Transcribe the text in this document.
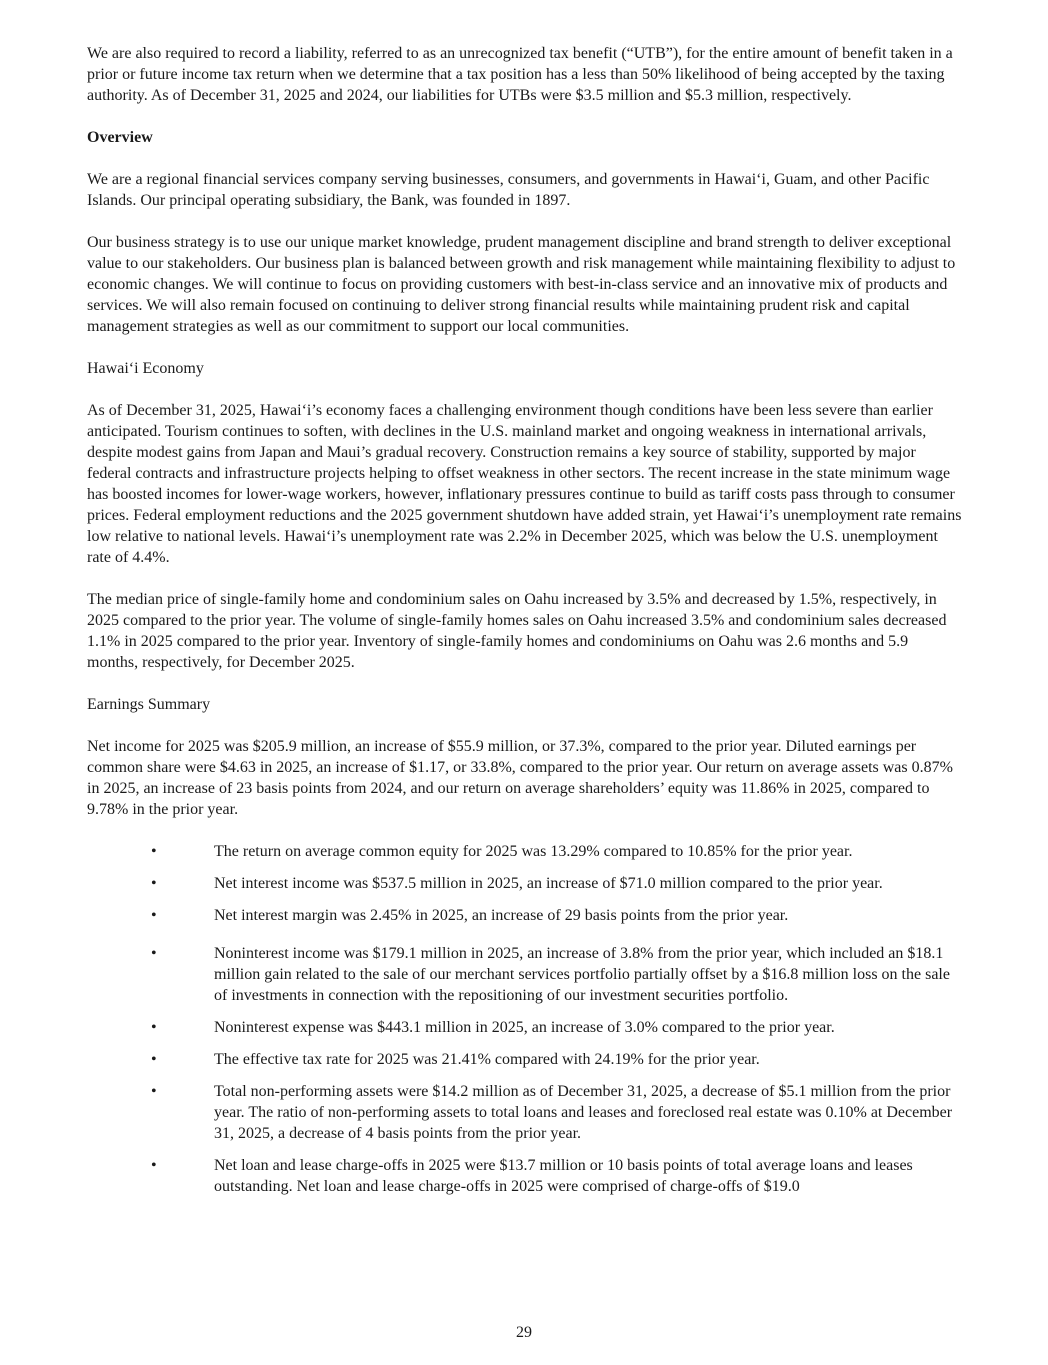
We are also required to record a liability, referred to as an unrecognized tax benefit (“UTB”), for the entire amount of benefit taken in a prior or future income tax return when we determine that a tax position has a less than 50% likelihood of being accepted by the taxing authority. As of December 31, 2025 and 2024, our liabilities for UTBs were $3.5 million and $5.3 million, respectively.

Overview

We are a regional financial services company serving businesses, consumers, and governments in Hawai‘i, Guam, and other Pacific Islands. Our principal operating subsidiary, the Bank, was founded in 1897.

Our business strategy is to use our unique market knowledge, prudent management discipline and brand strength to deliver exceptional value to our stakeholders. Our business plan is balanced between growth and risk management while maintaining flexibility to adjust to economic changes. We will continue to focus on providing customers with best-in-class service and an innovative mix of products and services. We will also remain focused on continuing to deliver strong financial results while maintaining prudent risk and capital management strategies as well as our commitment to support our local communities.

Hawai‘i Economy

As of December 31, 2025, Hawai‘i’s economy faces a challenging environment though conditions have been less severe than earlier anticipated. Tourism continues to soften, with declines in the U.S. mainland market and ongoing weakness in international arrivals, despite modest gains from Japan and Maui’s gradual recovery. Construction remains a key source of stability, supported by major federal contracts and infrastructure projects helping to offset weakness in other sectors. The recent increase in the state minimum wage has boosted incomes for lower-wage workers, however, inflationary pressures continue to build as tariff costs pass through to consumer prices. Federal employment reductions and the 2025 government shutdown have added strain, yet Hawai‘i’s unemployment rate remains low relative to national levels. Hawai‘i’s unemployment rate was 2.2% in December 2025, which was below the U.S. unemployment rate of 4.4%.

The median price of single-family home and condominium sales on Oahu increased by 3.5% and decreased by 1.5%, respectively, in 2025 compared to the prior year. The volume of single-family homes sales on Oahu increased 3.5% and condominium sales decreased 1.1% in 2025 compared to the prior year. Inventory of single-family homes and condominiums on Oahu was 2.6 months and 5.9 months, respectively, for December 2025.

Earnings Summary

Net income for 2025 was $205.9 million, an increase of $55.9 million, or 37.3%, compared to the prior year. Diluted earnings per common share were $4.63 in 2025, an increase of $1.17, or 33.8%, compared to the prior year. Our return on average assets was 0.87% in 2025, an increase of 23 basis points from 2024, and our return on average shareholders’ equity was 11.86% in 2025, compared to 9.78% in the prior year.

•	The return on average common equity for 2025 was 13.29% compared to 10.85% for the prior year.
•	Net interest income was $537.5 million in 2025, an increase of $71.0 million compared to the prior year.
•	Net interest margin was 2.45% in 2025, an increase of 29 basis points from the prior year.
•	Noninterest income was $179.1 million in 2025, an increase of 3.8% from the prior year, which included an $18.1 million gain related to the sale of our merchant services portfolio partially offset by a $16.8 million loss on the sale of investments in connection with the repositioning of our investment securities portfolio.
•	Noninterest expense was $443.1 million in 2025, an increase of 3.0% compared to the prior year.
•	The effective tax rate for 2025 was 21.41% compared with 24.19% for the prior year.
•	Total non-performing assets were $14.2 million as of December 31, 2025, a decrease of $5.1 million from the prior year. The ratio of non-performing assets to total loans and leases and foreclosed real estate was 0.10% at December 31, 2025, a decrease of 4 basis points from the prior year.
•	Net loan and lease charge-offs in 2025 were $13.7 million or 10 basis points of total average loans and leases outstanding. Net loan and lease charge-offs in 2025 were comprised of charge-offs of $19.0
29
